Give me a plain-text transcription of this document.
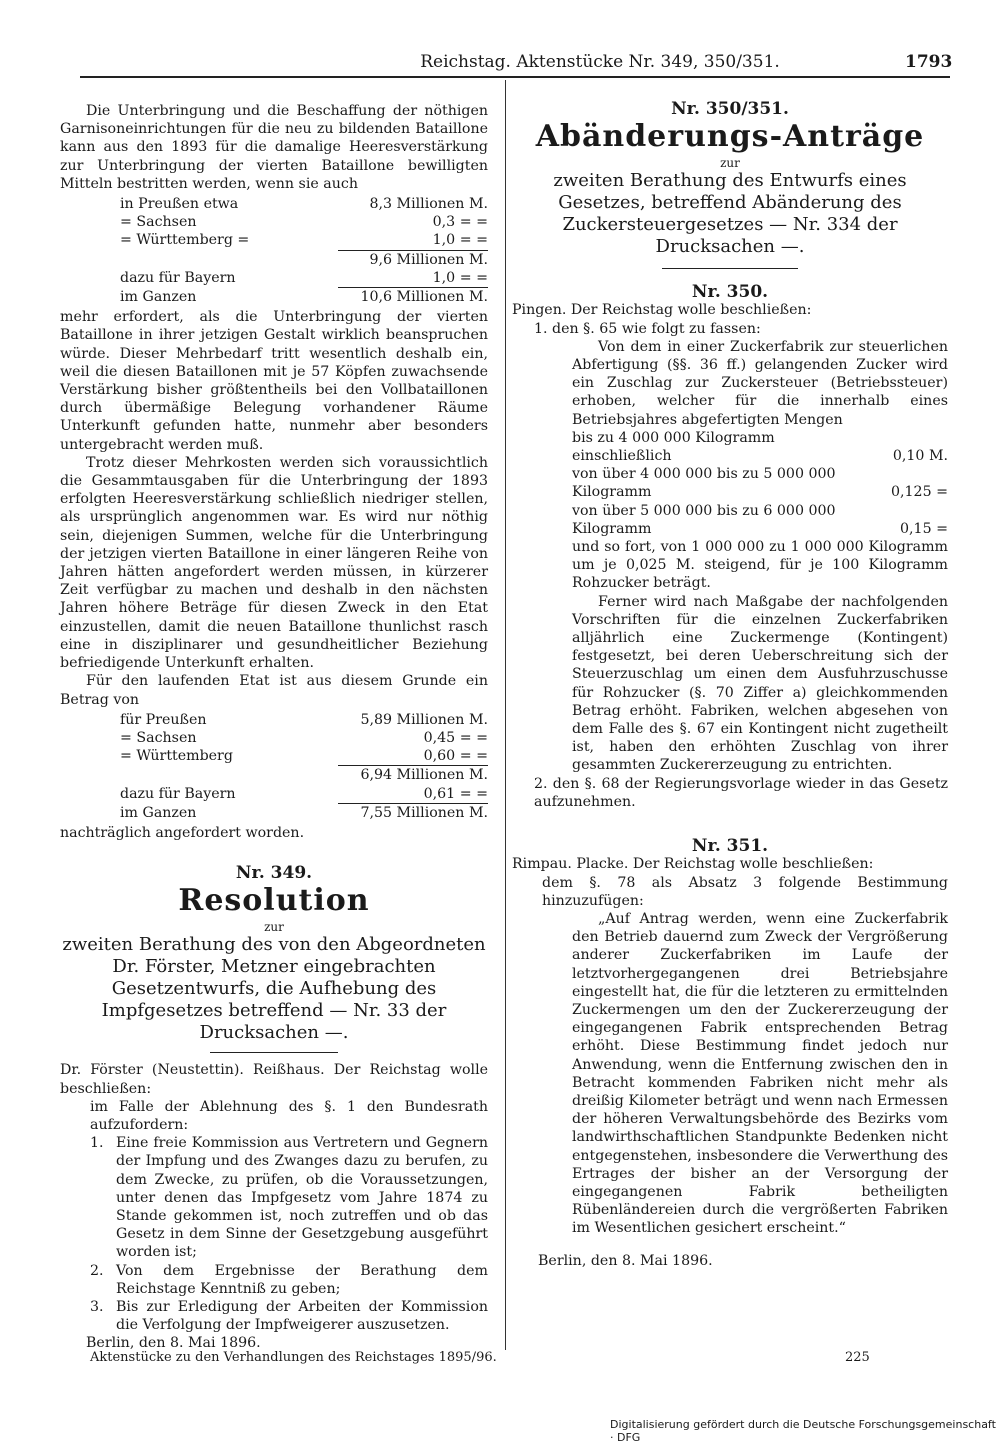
Reichstag. Aktenstücke Nr. 349, 350/351.	1793

Die Unterbringung und die Beschaffung der nöthigen Garnisoneinrichtungen für die neu zu bildenden Bataillone kann aus den 1893 für die damalige Heeresverstärkung zur Unterbringung der vierten Bataillone bewilligten Mitteln bestritten werden, wenn sie auch

in Preußen etwa	8,3 Millionen M.
= Sachsen	0,3 = =
= Württemberg =	1,0 = =
9,6 Millionen M.
dazu für Bayern	1,0 = =
im Ganzen	10,6 Millionen M.

mehr erfordert, als die Unterbringung der vierten Bataillone in ihrer jetzigen Gestalt wirklich beanspruchen würde. Dieser Mehrbedarf tritt wesentlich deshalb ein, weil die diesen Bataillonen mit je 57 Köpfen zuwachsende Verstärkung bisher größtentheils bei den Vollbataillonen durch übermäßige Belegung vorhandener Räume Unterkunft gefunden hatte, nunmehr aber besonders untergebracht werden muß.

Trotz dieser Mehrkosten werden sich voraussichtlich die Gesammtausgaben für die Unterbringung der 1893 erfolgten Heeresverstärkung schließlich niedriger stellen, als ursprünglich angenommen war. Es wird nur nöthig sein, diejenigen Summen, welche für die Unterbringung der jetzigen vierten Bataillone in einer längeren Reihe von Jahren hätten angefordert werden müssen, in kürzerer Zeit verfügbar zu machen und deshalb in den nächsten Jahren höhere Beträge für diesen Zweck in den Etat einzustellen, damit die neuen Bataillone thunlichst rasch eine in disziplinarer und gesundheitlicher Beziehung befriedigende Unterkunft erhalten.

Für den laufenden Etat ist aus diesem Grunde ein Betrag von

für Preußen	5,89 Millionen M.
= Sachsen	0,45 = =
= Württemberg	0,60 = =
6,94 Millionen M.
dazu für Bayern	0,61 = =
im Ganzen	7,55 Millionen M.

nachträglich angefordert worden.

Nr. 349.
Resolution
zur
zweiten Berathung des von den Abgeordneten Dr. Förster, Metzner eingebrachten Gesetzentwurfs, die Aufhebung des Impfgesetzes betreffend — Nr. 33 der Drucksachen —.

Dr. Förster (Neustettin). Reißhaus. Der Reichstag wolle beschließen:

im Falle der Ablehnung des §. 1 den Bundesrath aufzufordern:

1. Eine freie Kommission aus Vertretern und Gegnern der Impfung und des Zwanges dazu zu berufen, zu dem Zwecke, zu prüfen, ob die Voraussetzungen, unter denen das Impfgesetz vom Jahre 1874 zu Stande gekommen ist, noch zutreffen und ob das Gesetz in dem Sinne der Gesetzgebung ausgeführt worden ist;
2. Von dem Ergebnisse der Berathung dem Reichstage Kenntniß zu geben;
3. Bis zur Erledigung der Arbeiten der Kommission die Verfolgung der Impfweigerer auszusetzen.

Berlin, den 8. Mai 1896.

Nr. 350/351.
Abänderungs-Anträge
zur
zweiten Berathung des Entwurfs eines Gesetzes, betreffend Abänderung des Zuckersteuergesetzes — Nr. 334 der Drucksachen —.
Nr. 350.

Pingen. Der Reichstag wolle beschließen:

1. den §. 65 wie folgt zu fassen:

Von dem in einer Zuckerfabrik zur steuerlichen Abfertigung (§§. 36 ff.) gelangenden Zucker wird ein Zuschlag zur Zuckersteuer (Betriebssteuer) erhoben, welcher für die innerhalb eines Betriebsjahres abgefertigten Mengen

bis zu 4 000 000 Kilogramm einschließlich	0,10 M.
von über 4 000 000 bis zu 5 000 000 Kilogramm	0,125 =
von über 5 000 000 bis zu 6 000 000 Kilogramm	0,15 =

und so fort, von 1 000 000 zu 1 000 000 Kilogramm um je 0,025 M. steigend, für je 100 Kilogramm Rohzucker beträgt.

Ferner wird nach Maßgabe der nachfolgenden Vorschriften für die einzelnen Zuckerfabriken alljährlich eine Zuckermenge (Kontingent) festgesetzt, bei deren Ueberschreitung sich der Steuerzuschlag um einen dem Ausfuhrzuschusse für Rohzucker (§. 70 Ziffer a) gleichkommenden Betrag erhöht. Fabriken, welchen abgesehen von dem Falle des §. 67 ein Kontingent nicht zugetheilt ist, haben den erhöhten Zuschlag von ihrer gesammten Zuckererzeugung zu entrichten.

2. den §. 68 der Regierungsvorlage wieder in das Gesetz aufzunehmen.

Nr. 351.

Rimpau. Placke. Der Reichstag wolle beschließen:

dem §. 78 als Absatz 3 folgende Bestimmung hinzuzufügen:

„Auf Antrag werden, wenn eine Zuckerfabrik den Betrieb dauernd zum Zweck der Vergrößerung anderer Zuckerfabriken im Laufe der letztvorhergegangenen drei Betriebsjahre eingestellt hat, die für die letzteren zu ermittelnden Zuckermengen um den der Zuckererzeugung der eingegangenen Fabrik entsprechenden Betrag erhöht. Diese Bestimmung findet jedoch nur Anwendung, wenn die Entfernung zwischen den in Betracht kommenden Fabriken nicht mehr als dreißig Kilometer beträgt und wenn nach Ermessen der höheren Verwaltungsbehörde des Bezirks vom landwirthschaftlichen Standpunkte Bedenken nicht entgegenstehen, insbesondere die Verwerthung des Ertrages der bisher an der Versorgung der eingegangenen Fabrik betheiligten Rübenländereien durch die vergrößerten Fabriken im Wesentlichen gesichert erscheint.“

Berlin, den 8. Mai 1896.

Aktenstücke zu den Verhandlungen des Reichstages 1895/96.	225
Digitalisierung gefördert durch die Deutsche Forschungsgemeinschaft · DFG
